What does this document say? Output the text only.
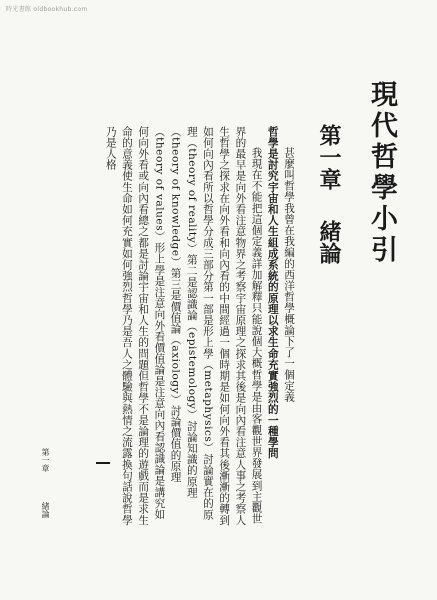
時光書館 oldbookhub.com
現代哲學小引
第一章
緒論

甚麼叫哲學我曾在我編的西洋哲學概論下了一個定義

哲學是討究宇宙和人生組成系統的原理以求生命充實強烈的一種學問

我現在不能把這個定義詳加解釋只能說個大概哲學是由客觀世界發展到主觀世界的最早是向外看注意物界之考察宇宙原理之探求其後是向內看注意人事之考察人生哲學之探求在向外看和向內看的中間經過一個時期是如何向外看其後漸漸的轉到如何向內看所以哲學分成三部分第一部是形上學（metaphysics）討論實在的原理（theory of reality）第二是認識論（epistemology）討論知識的原理（theory of knowledge）第三是價值論（axiology）討論價值的原理（theory of values）形上學是注意向外看價值論是注意向內看認識論是講究如何向外看或向內看總之都是討論宇宙和人生的問題但哲學不是論理的遊戲而是求生命的意義使生命如何充實如何強烈哲學乃是吾人之體驗與熱情之流露換句話說哲學乃是人格

第一章
緒論
